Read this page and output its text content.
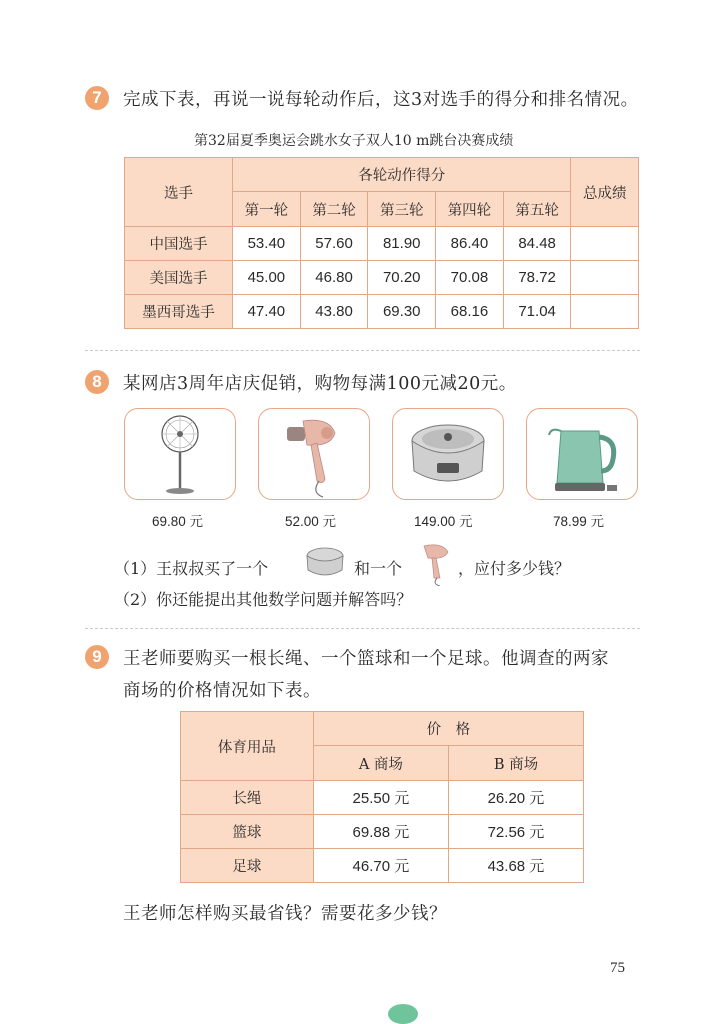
7	完成下表，再说一说每轮动作后，这3对选手的得分和排名情况。
第32届夏季奥运会跳水女子双人10 m跳台决赛成绩
选手	各轮动作得分					总成绩
	第一轮	第二轮	第三轮	第四轮	第五轮	
中国选手	53.40	57.60	81.90	86.40	84.48	
美国选手	45.00	46.80	70.20	70.08	78.72	
墨西哥选手	47.40	43.80	69.30	68.16	71.04	
8	某网店3周年店庆促销，购物每满100元减20元。
69.80 元	52.00 元	149.00 元	78.99 元
（1）王叔叔买了一个	和一个	，应付多少钱？
（2）你还能提出其他数学问题并解答吗？
9	王老师要购买一根长绳、一个篮球和一个足球。他调查的两家
商场的价格情况如下表。
体育用品	价　格	
	A 商场	B 商场
长绳	25.50 元	26.20 元
篮球	69.88 元	72.56 元
足球	46.70 元	43.68 元
王老师怎样购买最省钱？需要花多少钱？
75
